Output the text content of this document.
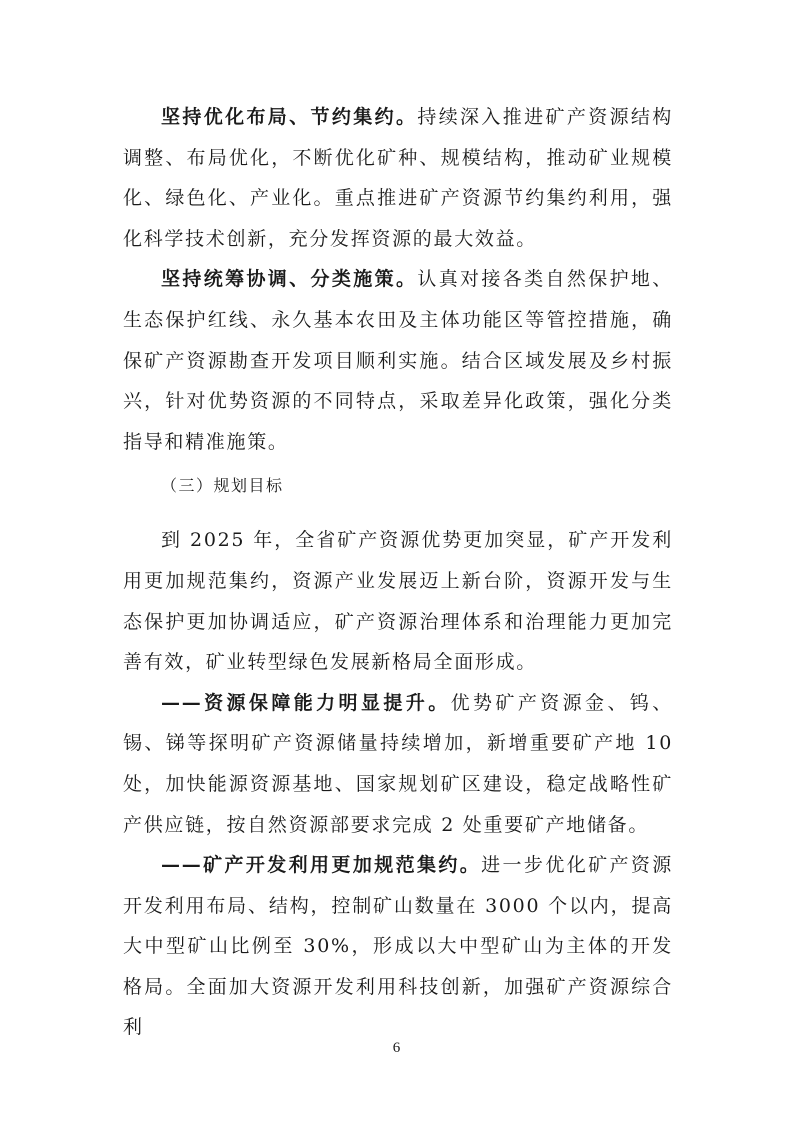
坚持优化布局、节约集约。持续深入推进矿产资源结构调整、布局优化，不断优化矿种、规模结构，推动矿业规模化、绿色化、产业化。重点推进矿产资源节约集约利用，强化科学技术创新，充分发挥资源的最大效益。

坚持统筹协调、分类施策。认真对接各类自然保护地、生态保护红线、永久基本农田及主体功能区等管控措施，确保矿产资源勘查开发项目顺利实施。结合区域发展及乡村振兴，针对优势资源的不同特点，采取差异化政策，强化分类指导和精准施策。

（三）规划目标

到 2025 年，全省矿产资源优势更加突显，矿产开发利用更加规范集约，资源产业发展迈上新台阶，资源开发与生态保护更加协调适应，矿产资源治理体系和治理能力更加完善有效，矿业转型绿色发展新格局全面形成。

——资源保障能力明显提升。优势矿产资源金、钨、锡、锑等探明矿产资源储量持续增加，新增重要矿产地 10 处，加快能源资源基地、国家规划矿区建设，稳定战略性矿产供应链，按自然资源部要求完成 2 处重要矿产地储备。

——矿产开发利用更加规范集约。进一步优化矿产资源开发利用布局、结构，控制矿山数量在 3000 个以内，提高大中型矿山比例至 30%，形成以大中型矿山为主体的开发格局。全面加大资源开发利用科技创新，加强矿产资源综合利

6
